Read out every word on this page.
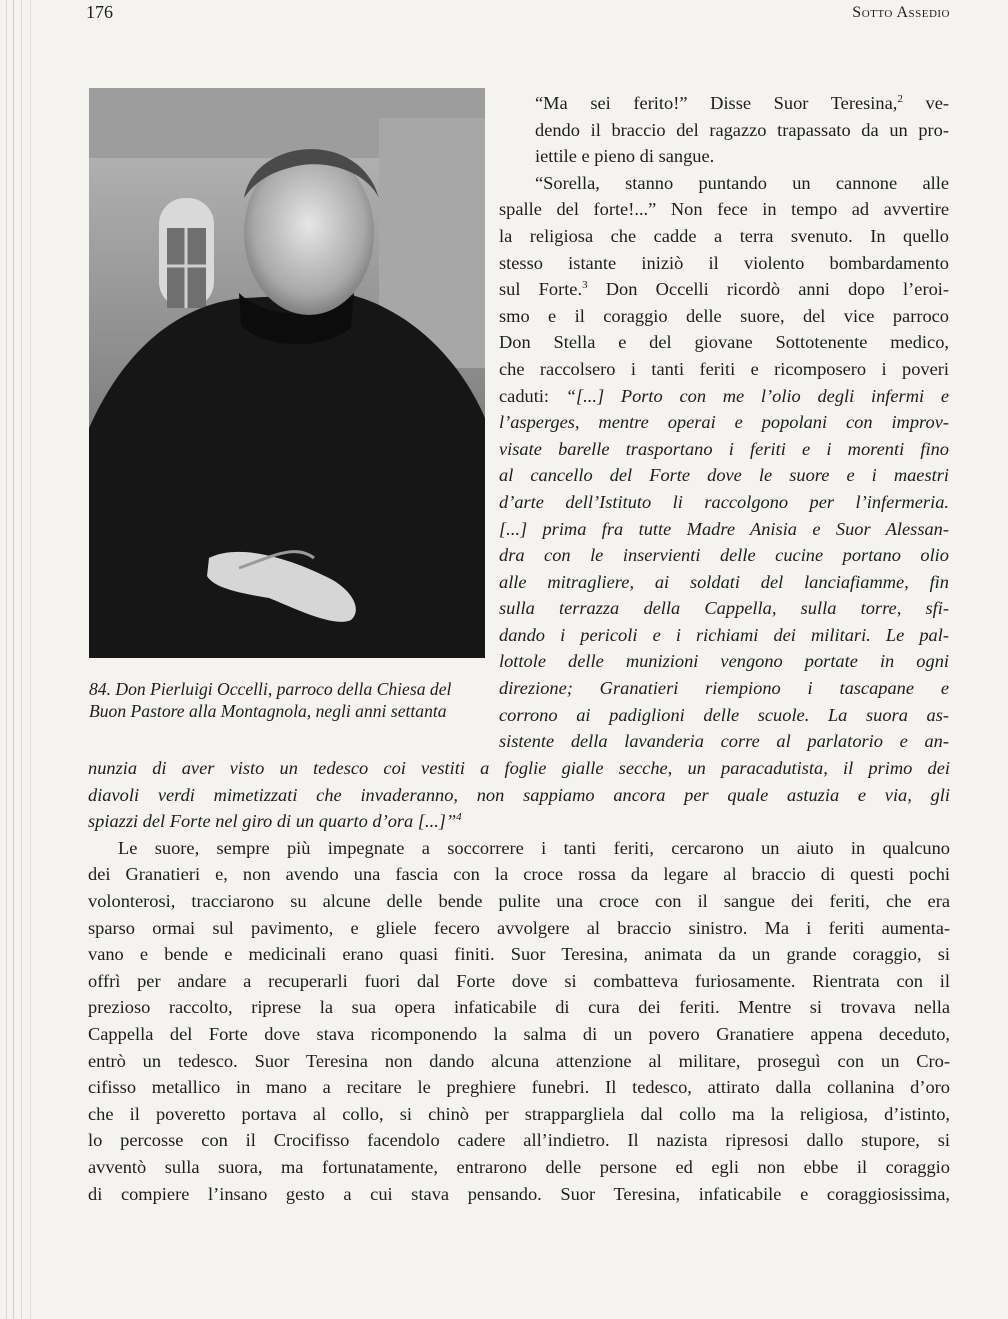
176	Sotto Assedio

84. Don Pierluigi Occelli, parroco della Chiesa del Buon Pastore alla Montagnola, negli anni settanta

“Ma sei ferito!” Disse Suor Teresina,$^2$ ve-
dendo il braccio del ragazzo trapassato da un pro-
iettile e pieno di sangue.

“Sorella, stanno puntando un cannone alle
spalle del forte!...” Non fece in tempo ad avvertire
la religiosa che cadde a terra svenuto. In quello
stesso istante iniziò il violento bombardamento
sul Forte.$^3$ Don Occelli ricordò anni dopo l’eroi-
smo e il coraggio delle suore, del vice parroco
Don Stella e del giovane Sottotenente medico,
che raccolsero i tanti feriti e ricomposero i poveri
caduti: “[...] Porto con me l’olio degli infermi e
l’asperges, mentre operai e popolani con improv-
visate barelle trasportano i feriti e i morenti fino
al cancello del Forte dove le suore e i maestri
d’arte dell’Istituto li raccolgono per l’infermeria.
[...] prima fra tutte Madre Anisia e Suor Alessan-
dra con le inservienti delle cucine portano olio
alle mitragliere, ai soldati del lanciafiamme, fin
sulla terrazza della Cappella, sulla torre, sfi-
dando i pericoli e i richiami dei militari. Le pal-
lottole delle munizioni vengono portate in ogni
direzione; Granatieri riempiono i tascapane e
corrono ai padiglioni delle scuole. La suora as-
sistente della lavanderia corre al parlatorio e an-

nunzia di aver visto un tedesco coi vestiti a foglie gialle secche, un paracadutista, il primo dei
diavoli verdi mimetizzati che invaderanno, non sappiamo ancora per quale astuzia e via, gli
spiazzi del Forte nel giro di un quarto d’ora [...]”$^4$

Le suore, sempre più impegnate a soccorrere i tanti feriti, cercarono un aiuto in qualcuno
dei Granatieri e, non avendo una fascia con la croce rossa da legare al braccio di questi pochi
volonterosi, tracciarono su alcune delle bende pulite una croce con il sangue dei feriti, che era
sparso ormai sul pavimento, e gliele fecero avvolgere al braccio sinistro. Ma i feriti aumenta-
vano e bende e medicinali erano quasi finiti. Suor Teresina, animata da un grande coraggio, si
offrì per andare a recuperarli fuori dal Forte dove si combatteva furiosamente. Rientrata con il
prezioso raccolto, riprese la sua opera infaticabile di cura dei feriti. Mentre si trovava nella
Cappella del Forte dove stava ricomponendo la salma di un povero Granatiere appena deceduto,
entrò un tedesco. Suor Teresina non dando alcuna attenzione al militare, proseguì con un Cro-
cifisso metallico in mano a recitare le preghiere funebri. Il tedesco, attirato dalla collanina d’oro
che il poveretto portava al collo, si chinò per strappargliela dal collo ma la religiosa, d’istinto,
lo percosse con il Crocifisso facendolo cadere all’indietro. Il nazista ripresosi dallo stupore, si
avventò sulla suora, ma fortunatamente, entrarono delle persone ed egli non ebbe il coraggio
di compiere l’insano gesto a cui stava pensando. Suor Teresina, infaticabile e coraggiosissima,
